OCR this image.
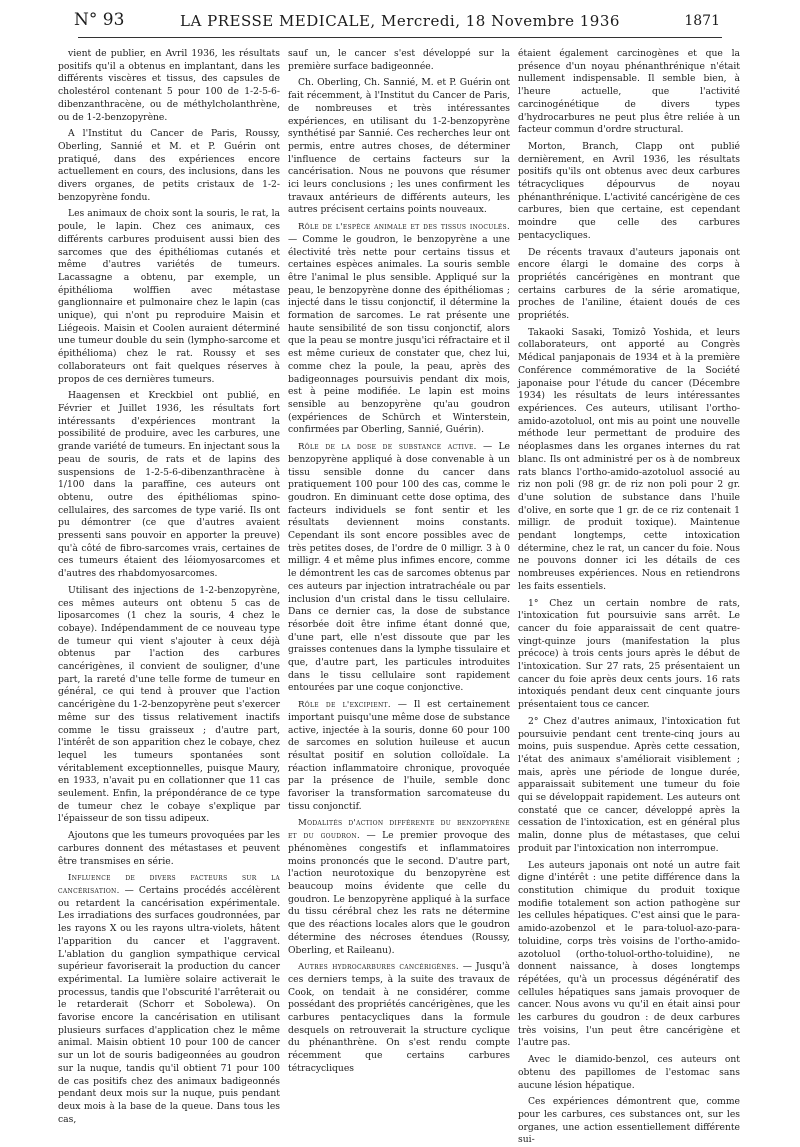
N° 93	LA PRESSE MEDICALE, Mercredi, 18 Novembre 1936	1871

vient de publier, en Avril 1936, les résultats positifs qu'il a obtenus en implantant, dans les différents viscères et tissus, des capsules de cholestérol contenant 5 pour 100 de 1-2-5-6-dibenzanthracène, ou de méthylcholanthrène, ou de 1-2-benzopyrène.

A l'Institut du Cancer de Paris, Roussy, Oberling, Sannié et M. et P. Guérin ont pratiqué, dans des expériences encore actuellement en cours, des inclusions, dans les divers organes, de petits cristaux de 1-2-benzopyrène fondu.

Les animaux de choix sont la souris, le rat, la poule, le lapin. Chez ces animaux, ces différents carbures produisent aussi bien des sarcomes que des épithéliomas cutanés et même d'autres variétés de tumeurs. Lacassagne a obtenu, par exemple, un épithélioma wolffien avec métastase ganglionnaire et pulmonaire chez le lapin (cas unique), qui n'ont pu reproduire Maisin et Liégeois. Maisin et Coolen auraient déterminé une tumeur double du sein (lympho-sarcome et épithélioma) chez le rat. Roussy et ses collaborateurs ont fait quelques réserves à propos de ces dernières tumeurs.

Haagensen et Kreckbiel ont publié, en Février et Juillet 1936, les résultats fort intéressants d'expériences montrant la possibilité de produire, avec les carbures, une grande variété de tumeurs. En injectant sous la peau de souris, de rats et de lapins des suspensions de 1-2-5-6-dibenzanthracène à 1/100 dans la paraffine, ces auteurs ont obtenu, outre des épithéliomas spino-cellulaires, des sarcomes de type varié. Ils ont pu démontrer (ce que d'autres avaient pressenti sans pouvoir en apporter la preuve) qu'à côté de fibro-sarcomes vrais, certaines de ces tumeurs étaient des léiomyosarcomes et d'autres des rhabdomyosarcomes.

Utilisant des injections de 1-2-benzopyrène, ces mêmes auteurs ont obtenu 5 cas de liposarcomes (1 chez la souris, 4 chez le cobaye). Indépendamment de ce nouveau type de tumeur qui vient s'ajouter à ceux déjà obtenus par l'action des carbures cancérigènes, il convient de souligner, d'une part, la rareté d'une telle forme de tumeur en général, ce qui tend à prouver que l'action cancérigène du 1-2-benzopyrène peut s'exercer même sur des tissus relativement inactifs comme le tissu graisseux ; d'autre part, l'intérêt de son apparition chez le cobaye, chez lequel les tumeurs spontanées sont véritablement exceptionnelles, puisque Maury, en 1933, n'avait pu en collationner que 11 cas seulement. Enfin, la prépondérance de ce type de tumeur chez le cobaye s'explique par l'épaisseur de son tissu adipeux.

Ajoutons que les tumeurs provoquées par les carbures donnent des métastases et peuvent être transmises en série.

Influence de divers facteurs sur la cancérisation. — Certains procédés accélèrent ou retardent la cancérisation expérimentale. Les irradiations des surfaces goudronnées, par les rayons X ou les rayons ultra-violets, hâtent l'apparition du cancer et l'aggravent. L'ablation du ganglion sympathique cervical supérieur favoriserait la production du cancer expérimental. La lumière solaire activerait le processus, tandis que l'obscurité l'arrêterait ou le retarderait (Schorr et Sobolewa). On favorise encore la cancérisation en utilisant plusieurs surfaces d'application chez le même animal. Maisin obtient 10 pour 100 de cancer sur un lot de souris badigeonnées au goudron sur la nuque, tandis qu'il obtient 71 pour 100 de cas positifs chez des animaux badigeonnés pendant deux mois sur la nuque, puis pendant deux mois à la base de la queue. Dans tous les cas,

sauf un, le cancer s'est développé sur la première surface badigeonnée.

Ch. Oberling, Ch. Sannié, M. et P. Guérin ont fait récemment, à l'Institut du Cancer de Paris, de nombreuses et très intéressantes expériences, en utilisant du 1-2-benzopyrène synthétisé par Sannié. Ces recherches leur ont permis, entre autres choses, de déterminer l'influence de certains facteurs sur la cancérisation. Nous ne pouvons que résumer ici leurs conclusions ; les unes confirment les travaux antérieurs de différents auteurs, les autres précisent certains points nouveaux.

Rôle de l'espèce animale et des tissus inoculés. — Comme le goudron, le benzopyrène a une électivité très nette pour certains tissus et certaines espèces animales. La souris semble être l'animal le plus sensible. Appliqué sur la peau, le benzopyrène donne des épithéliomas ; injecté dans le tissu conjonctif, il détermine la formation de sarcomes. Le rat présente une haute sensibilité de son tissu conjonctif, alors que la peau se montre jusqu'ici réfractaire et il est même curieux de constater que, chez lui, comme chez la poule, la peau, après des badigeonnages poursuivis pendant dix mois, est à peine modifiée. Le lapin est moins sensible au benzopyrène qu'au goudron (expériences de Schürch et Winterstein, confirmées par Oberling, Sannié, Guérin).

Rôle de la dose de substance active. — Le benzopyrène appliqué à dose convenable à un tissu sensible donne du cancer dans pratiquement 100 pour 100 des cas, comme le goudron. En diminuant cette dose optima, des facteurs individuels se font sentir et les résultats deviennent moins constants. Cependant ils sont encore possibles avec de très petites doses, de l'ordre de 0 milligr. 3 à 0 milligr. 4 et même plus infimes encore, comme le démontrent les cas de sarcomes obtenus par ces auteurs par injection intratrachéale ou par inclusion d'un cristal dans le tissu cellulaire. Dans ce dernier cas, la dose de substance résorbée doit être infime étant donné que, d'une part, elle n'est dissoute que par les graisses contenues dans la lymphe tissulaire et que, d'autre part, les particules introduites dans le tissu cellulaire sont rapidement entourées par une coque conjonctive.

Rôle de l'excipient. — Il est certainement important puisqu'une même dose de substance active, injectée à la souris, donne 60 pour 100 de sarcomes en solution huileuse et aucun résultat positif en solution colloïdale. La réaction inflammatoire chronique, provoquée par la présence de l'huile, semble donc favoriser la transformation sarcomateuse du tissu conjonctif.

Modalités d'action différente du benzopyrène et du goudron. — Le premier provoque des phénomènes congestifs et inflammatoires moins prononcés que le second. D'autre part, l'action neurotoxique du benzopyrène est beaucoup moins évidente que celle du goudron. Le benzopyrène appliqué à la surface du tissu cérébral chez les rats ne détermine que des réactions locales alors que le goudron détermine des nécroses étendues (Roussy, Oberling, et Raileanu).

Autres hydrocarbures cancérigènes. — Jusqu'à ces derniers temps, à la suite des travaux de Cook, on tendait à ne considérer, comme possédant des propriétés cancérigènes, que les carbures pentacycliques dans la formule desquels on retrouverait la structure cyclique du phénanthrène. On s'est rendu compte récemment que certains carbures tétracycliques

étaient également carcinogènes et que la présence d'un noyau phénanthrénique n'était nullement indispensable. Il semble bien, à l'heure actuelle, que l'activité carcinogénétique de divers types d'hydrocarbures ne peut plus être reliée à un facteur commun d'ordre structural.

Morton, Branch, Clapp ont publié dernièrement, en Avril 1936, les résultats positifs qu'ils ont obtenus avec deux carbures tétracycliques dépourvus de noyau phénanthrénique. L'activité cancérigène de ces carbures, bien que certaine, est cependant moindre que celle des carbures pentacycliques.

De récents travaux d'auteurs japonais ont encore élargi le domaine des corps à propriétés cancérigènes en montrant que certains carbures de la série aromatique, proches de l'aniline, étaient doués de ces propriétés.

Takaoki Sasaki, Tomizô Yoshida, et leurs collaborateurs, ont apporté au Congrès Médical panjaponais de 1934 et à la première Conférence commémorative de la Société japonaise pour l'étude du cancer (Décembre 1934) les résultats de leurs intéressantes expériences. Ces auteurs, utilisant l'ortho-amido-azotoluol, ont mis au point une nouvelle méthode leur permettant de produire des néoplasmes dans les organes internes du rat blanc. Ils ont administré per os à de nombreux rats blancs l'ortho-amido-azotoluol associé au riz non poli (98 gr. de riz non poli pour 2 gr. d'une solution de substance dans l'huile d'olive, en sorte que 1 gr. de ce riz contenait 1 milligr. de produit toxique). Maintenue pendant longtemps, cette intoxication détermine, chez le rat, un cancer du foie. Nous ne pouvons donner ici les détails de ces nombreuses expériences. Nous en retiendrons les faits essentiels.

1° Chez un certain nombre de rats, l'intoxication fut poursuivie sans arrêt. Le cancer du foie apparaissait de cent quatre-vingt-quinze jours (manifestation la plus précoce) à trois cents jours après le début de l'intoxication. Sur 27 rats, 25 présentaient un cancer du foie après deux cents jours. 16 rats intoxiqués pendant deux cent cinquante jours présentaient tous ce cancer.

2° Chez d'autres animaux, l'intoxication fut poursuivie pendant cent trente-cinq jours au moins, puis suspendue. Après cette cessation, l'état des animaux s'améliorait visiblement ; mais, après une période de longue durée, apparaissait subitement une tumeur du foie qui se développait rapidement. Les auteurs ont constaté que ce cancer, développé après la cessation de l'intoxication, est en général plus malin, donne plus de métastases, que celui produit par l'intoxication non interrompue.

Les auteurs japonais ont noté un autre fait digne d'intérêt : une petite différence dans la constitution chimique du produit toxique modifie totalement son action pathogène sur les cellules hépatiques. C'est ainsi que le para-amido-azobenzol et le para-toluol-azo-para-toluidine, corps très voisins de l'ortho-amido-azotoluol (ortho-toluol-ortho-toluidine), ne donnent naissance, à doses longtemps répétées, qu'à un processus dégénératif des cellules hépatiques sans jamais provoquer de cancer. Nous avons vu qu'il en était ainsi pour les carbures du goudron : de deux carbures très voisins, l'un peut être cancérigène et l'autre pas.

Avec le diamido-benzol, ces auteurs ont obtenu des papillomes de l'estomac sans aucune lésion hépatique.

Ces expériences démontrent que, comme pour les carbures, ces substances ont, sur les organes, une action essentiellement différente sui-
